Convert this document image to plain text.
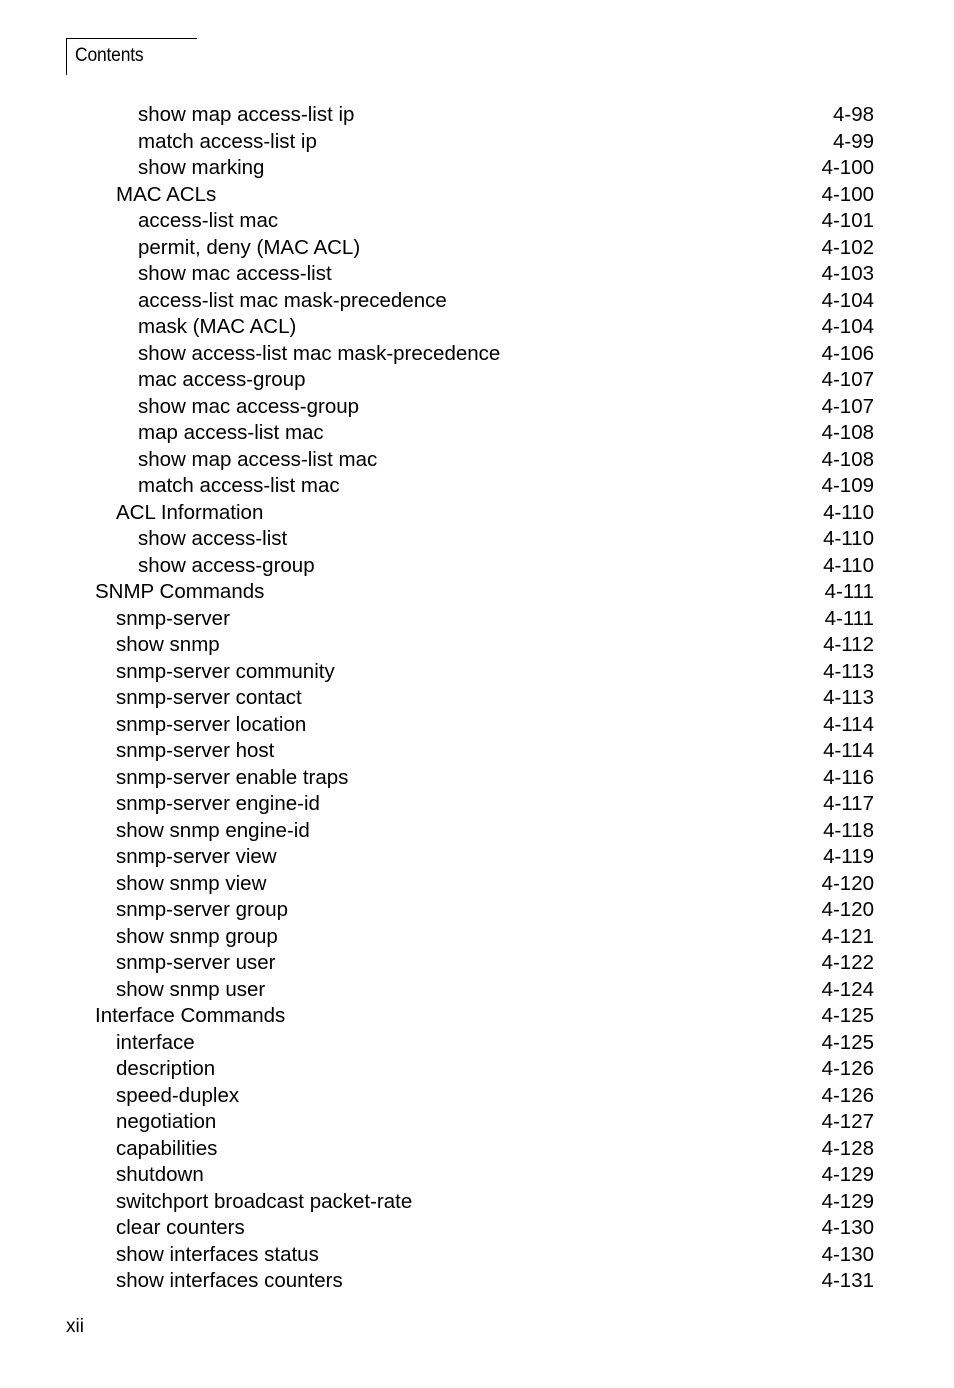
Contents
show map access-list ip	4-98
match access-list ip	4-99
show marking	4-100
MAC ACLs	4-100
access-list mac	4-101
permit, deny (MAC ACL)	4-102
show mac access-list	4-103
access-list mac mask-precedence	4-104
mask (MAC ACL)	4-104
show access-list mac mask-precedence	4-106
mac access-group	4-107
show mac access-group	4-107
map access-list mac	4-108
show map access-list mac	4-108
match access-list mac	4-109
ACL Information	4-110
show access-list	4-110
show access-group	4-110
SNMP Commands	4-111
snmp-server	4-111
show snmp	4-112
snmp-server community	4-113
snmp-server contact	4-113
snmp-server location	4-114
snmp-server host	4-114
snmp-server enable traps	4-116
snmp-server engine-id	4-117
show snmp engine-id	4-118
snmp-server view	4-119
show snmp view	4-120
snmp-server group	4-120
show snmp group	4-121
snmp-server user	4-122
show snmp user	4-124
Interface Commands	4-125
interface	4-125
description	4-126
speed-duplex	4-126
negotiation	4-127
capabilities	4-128
shutdown	4-129
switchport broadcast packet-rate	4-129
clear counters	4-130
show interfaces status	4-130
show interfaces counters	4-131
xii
